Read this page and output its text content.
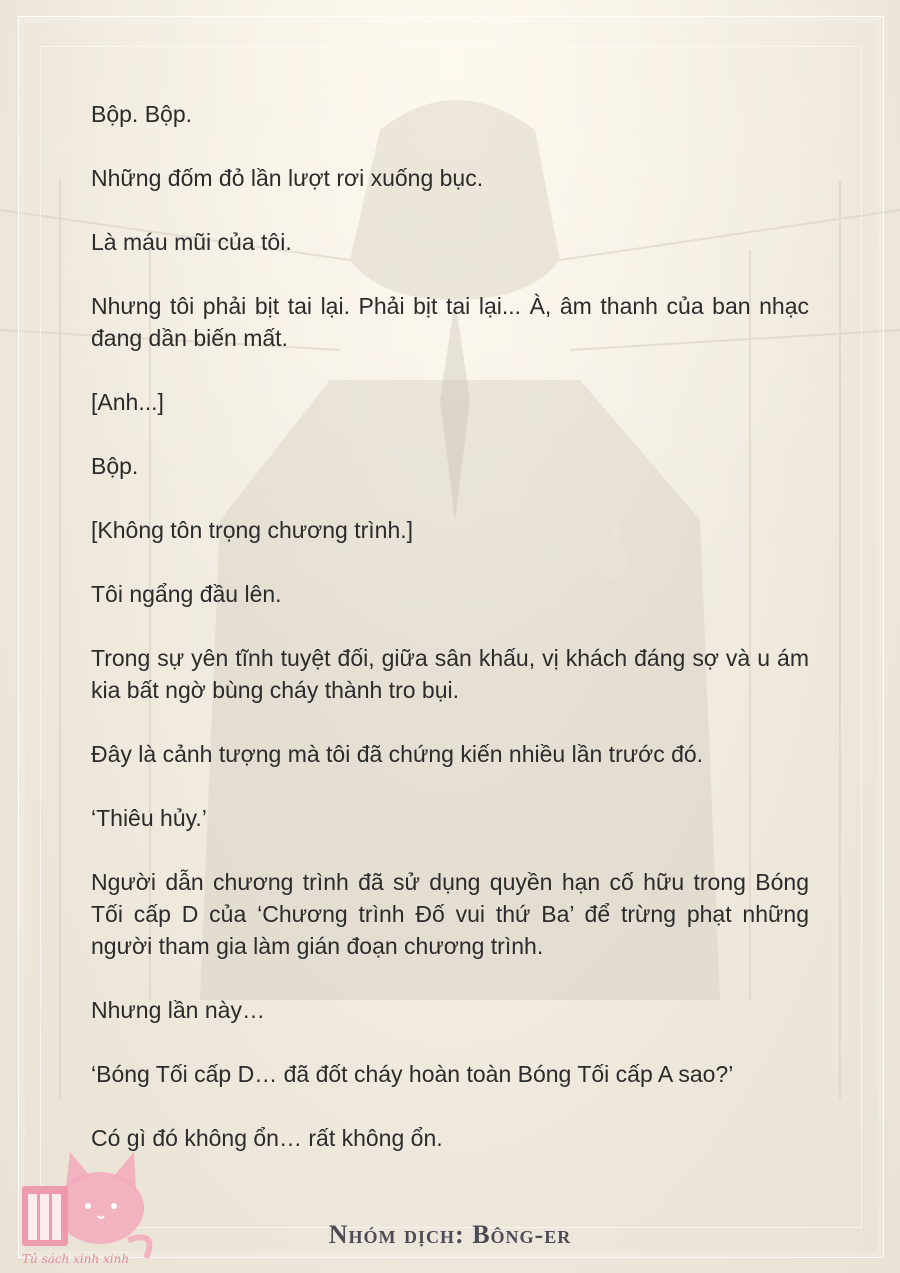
Bộp. Bộp.

Những đốm đỏ lần lượt rơi xuống bục.

Là máu mũi của tôi.

Nhưng tôi phải bịt tai lại. Phải bịt tai lại... À, âm thanh của ban nhạc đang dần biến mất.

[Anh...]

Bộp.

[Không tôn trọng chương trình.]

Tôi ngẩng đầu lên.

Trong sự yên tĩnh tuyệt đối, giữa sân khấu, vị khách đáng sợ và u ám kia bất ngờ bùng cháy thành tro bụi.

Đây là cảnh tượng mà tôi đã chứng kiến nhiều lần trước đó.

‘Thiêu hủy.’

Người dẫn chương trình đã sử dụng quyền hạn cố hữu trong Bóng Tối cấp D của ‘Chương trình Đố vui thứ Ba’ để trừng phạt những người tham gia làm gián đoạn chương trình.

Nhưng lần này…

‘Bóng Tối cấp D… đã đốt cháy hoàn toàn Bóng Tối cấp A sao?’

Có gì đó không ổn… rất không ổn.

Tủ sách xinh xinh
Nhóm dịch: Bông-er
